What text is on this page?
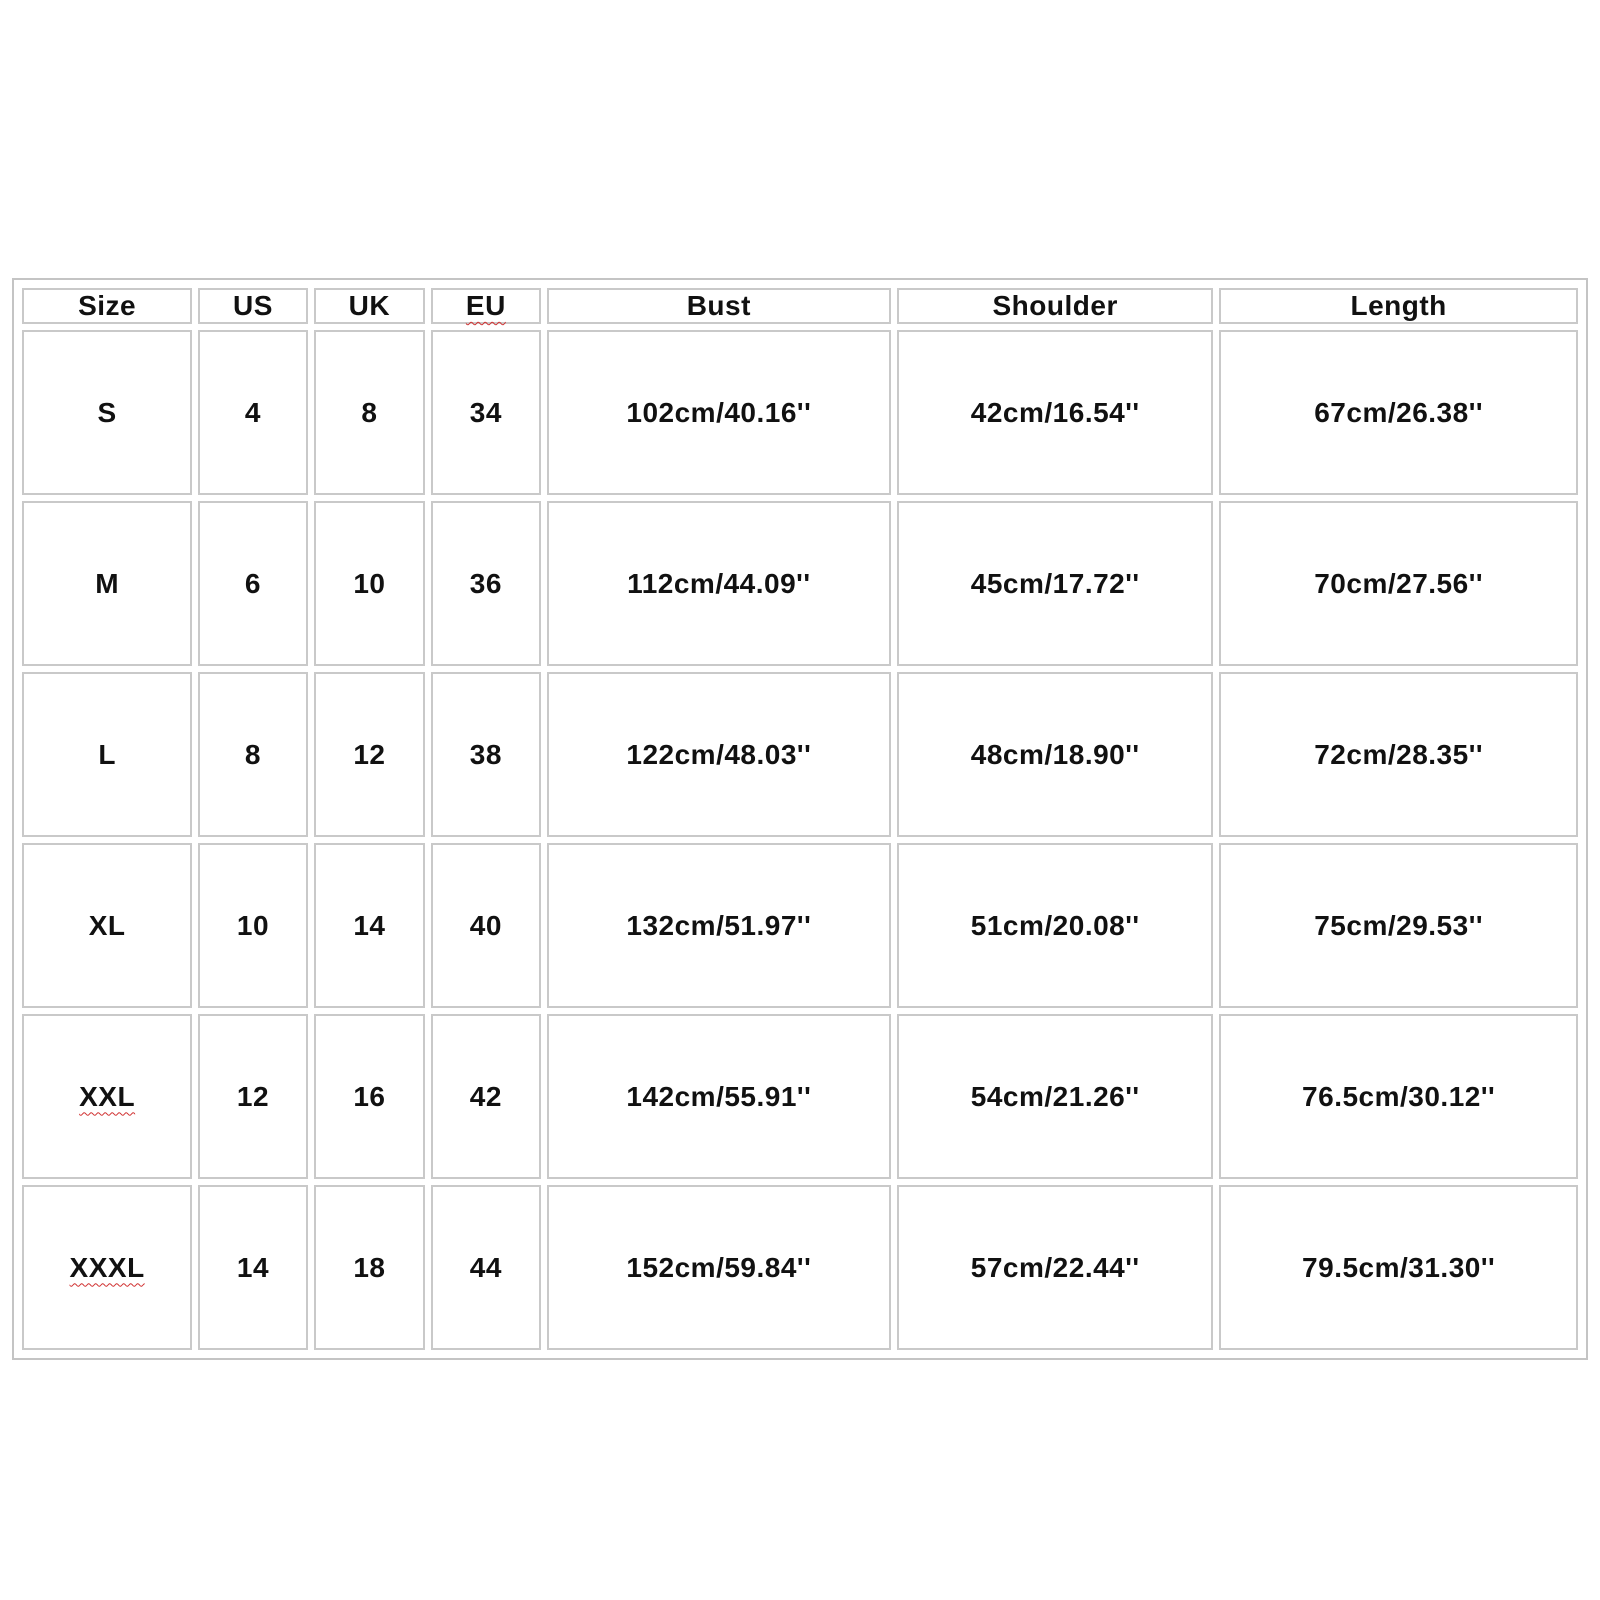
Size	US	UK	EU	Bust	Shoulder	Length
S	4	8	34	102cm/40.16''	42cm/16.54''	67cm/26.38''
M	6	10	36	112cm/44.09''	45cm/17.72''	70cm/27.56''
L	8	12	38	122cm/48.03''	48cm/18.90''	72cm/28.35''
XL	10	14	40	132cm/51.97''	51cm/20.08''	75cm/29.53''
XXL	12	16	42	142cm/55.91''	54cm/21.26''	76.5cm/30.12''
XXXL	14	18	44	152cm/59.84''	57cm/22.44''	79.5cm/31.30''
